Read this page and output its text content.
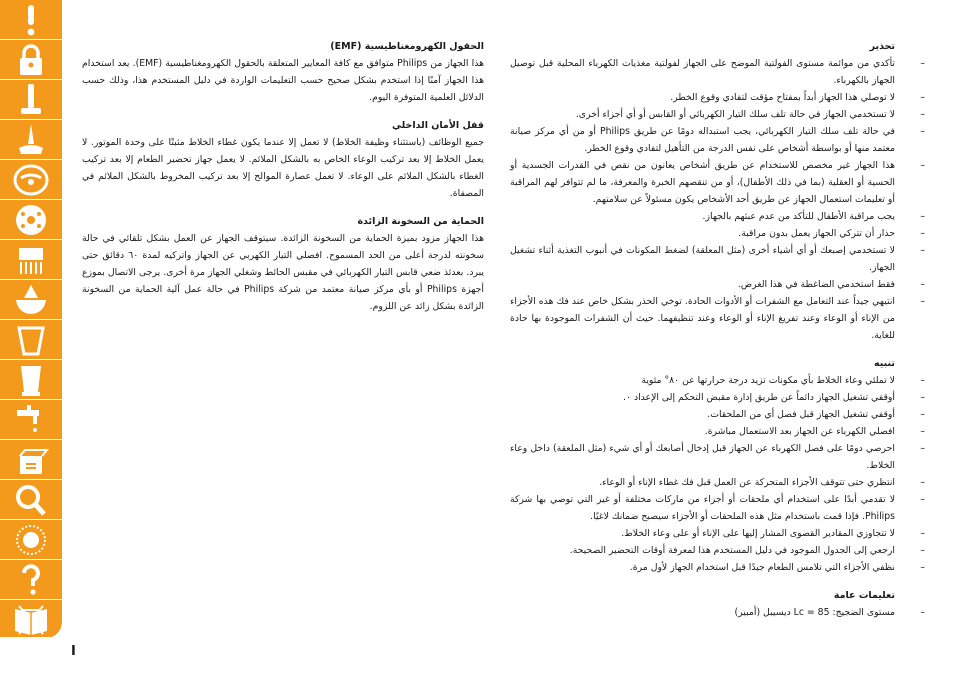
I

تحذير

– تأكدي من موائمة مستوى الفولتية الموضح على الجهاز لفولتية مغذيات الكهرباء المحلية قبل توصيل الجهاز بالكهرباء.
– لا توصلي هذا الجهاز أبداً بمفتاح مؤقت لتفادي وقوع الخطر.
– لا تستخدمي الجهاز في حالة تلف سلك التيار الكهربائي أو القابس أو أي أجزاء أخرى.
– في حالة تلف سلك التيار الكهربائي، يجب استبداله دومًا عن طريق Philips أو من أي مركز صيانة معتمد منها أو بواسطة أشخاص على نفس الدرجة من التأهيل لتفادي وقوع الخطر.
– هذا الجهاز غير مخصص للاستخدام عن طريق أشخاص يعانون من نقص في القدرات الجسدية أو الحسية أو العقلية (بما في ذلك الأطفال)، أو من تنقصهم الخبرة والمعرفة، ما لم تتوافر لهم المراقبة أو تعليمات استعمال الجهاز عن طريق أحد الأشخاص يكون مسئولاً عن سلامتهم.
– يجب مراقبة الأطفال للتأكد من عدم عبثهم بالجهاز.
– حذار أن تتركي الجهاز يعمل بدون مراقبة.
– لا تستخدمي إصبعك أو أي أشياء أخرى (مثل المعلقة) لضغط المكونات في أنبوب التغذية أثناء تشغيل الجهاز.
– فقط استخدمي الضاغطة في هذا الغرض.
– انتبهي جيداً عند التعامل مع الشفرات أو الأدوات الحادة. توخي الحذر بشكل خاص عند فك هذه الأجزاء من الإناء أو الوعاء وعند تفريغ الإناء أو الوعاء وعند تنظيفهما. حيث أن الشفرات الموجودة بها حادة للغاية.

تنبيه

– لا تملئي وعاء الخلاط بأي مكونات تزيد درجة حرارتها عن ٨٠° مئوية
– أوقفي تشغيل الجهاز دائماً عن طريق إدارة مقبض التحكم إلى الإعداد ٠.
– أوقفي تشغيل الجهاز قبل فصل أي من الملحقات.
– افصلي الكهرباء عن الجهاز بعد الاستعمال مباشرة.
– احرصي دومًا على فصل الكهرباء عن الجهاز قبل إدخال أصابعك أو أي شيء (مثل الملعقة) داخل وعاء الخلاط.
– انتظري حتى تتوقف الأجزاء المتحركة عن العمل قبل فك غطاء الإناء أو الوعاء.
– لا تقدمي أبدًا على استخدام أي ملحقات أو أجزاء من ماركات مختلفة أو غير التي توصي بها شركة Philips. فإذا قمت باستخدام مثل هذه الملحقات أو الأجزاء سيصبح ضمانك لاغيًا.
– لا تتجاوزي المقادير القصوى المشار إليها على الإناء أو على وعاء الخلاط.
– ارجعي إلى الجدول الموجود في دليل المستخدم هذا لمعرفة أوقات التحضير الصحيحة.
– نظفي الأجزاء التي تلامس الطعام جيدًا قبل استخدام الجهاز لأول مرة.

تعليمات عامة

– مستوى الضجيج: Lc = 85 ديسيبل (أمبير)

الحقول الكهرومغناطيسية (EMF)

هذا الجهاز من Philips متوافق مع كافة المعايير المتعلقة بالحقول الكهرومغناطيسية (EMF). يعد استخدام هذا الجهاز آمنًا إذا استخدم بشكل صحيح حسب التعليمات الواردة في دليل المستخدم هذا، وذلك حسب الدلائل العلمية المتوفرة اليوم.

قفل الأمان الداخلي

جميع الوظائف (باستثناء وظيفة الخلاط) لا تعمل إلا عندما يكون غطاء الخلاط مثبتًا على وحدة الموتور. لا يعمل الخلاط إلا بعد تركيب الوعاء الخاص به بالشكل الملائم. لا يعمل جهاز تحضير الطعام إلا بعد تركيب الغطاء بالشكل الملائم على الوعاء. لا تعمل عصارة الموالح إلا بعد تركيب المخروط بالشكل الملائم في المصفاة.

الحماية من السخونة الزائدة

هذا الجهاز مزود بميزة الحماية من السخونة الزائدة. سيتوقف الجهاز عن العمل بشكل تلقائي في حالة سخونته لدرجة أعلى من الحد المسموح. افصلي التيار الكهربي عن الجهاز واتركيه لمدة ٦٠ دقائق حتى يبرد. بعدئذ ضعي قابس التيار الكهربائي في مقبس الحائط وشغلي الجهاز مرة أخرى. يرجى الاتصال بموزع أجهزة Philips أو بأي مركز صيانة معتمد من شركة Philips في حالة عمل آلية الحماية من السخونة الزائدة بشكل زائد عن اللزوم.
